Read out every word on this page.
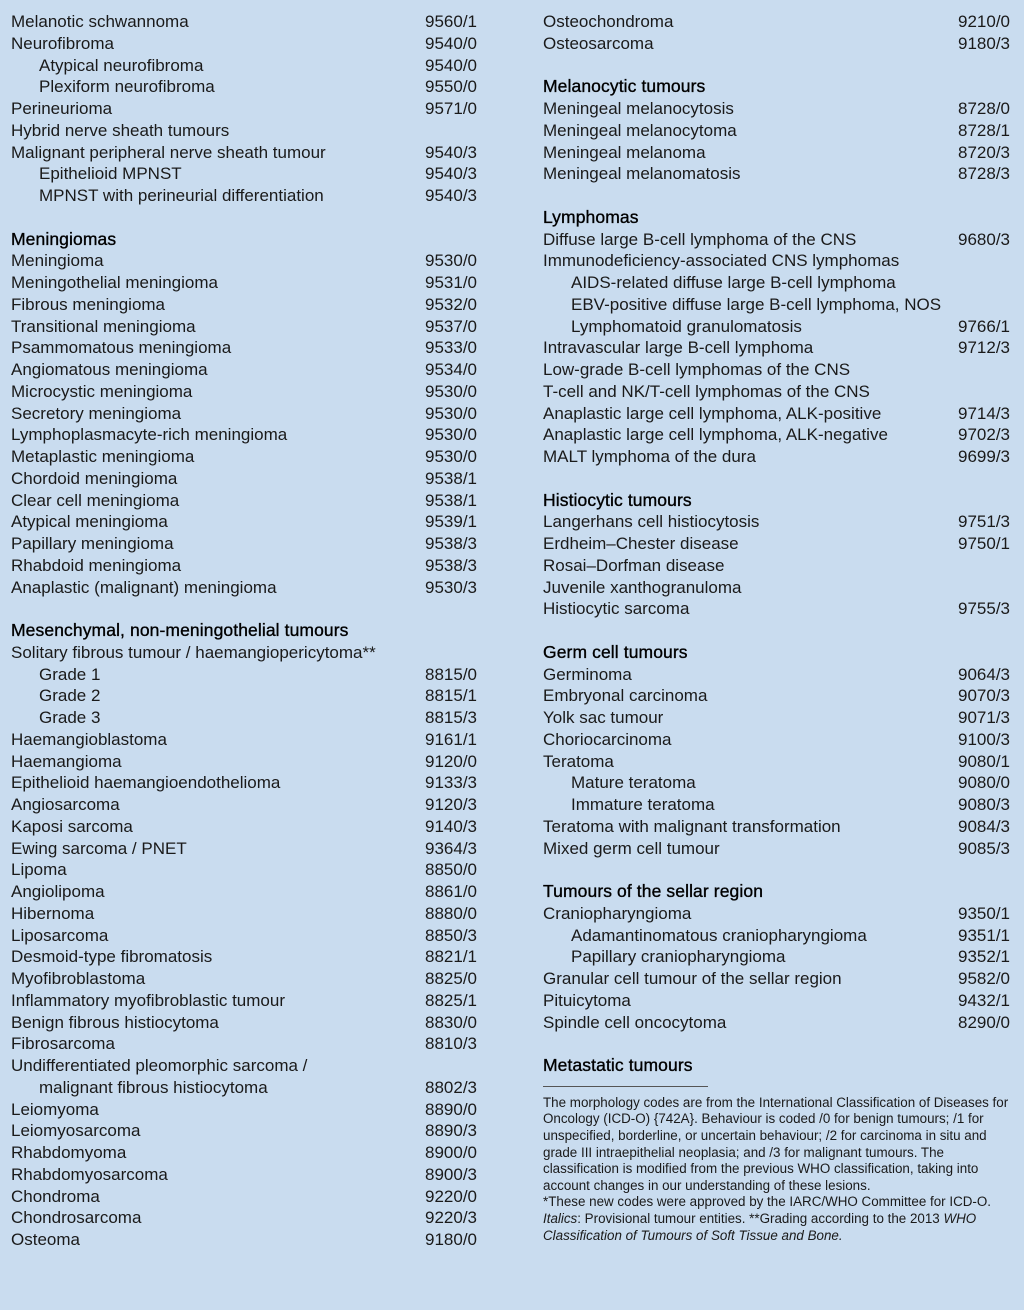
Melanotic schwannoma	9560/1
Neurofibroma	9540/0
Atypical neurofibroma	9540/0
Plexiform neurofibroma	9550/0
Perineurioma	9571/0
Hybrid nerve sheath tumours
Malignant peripheral nerve sheath tumour	9540/3
Epithelioid MPNST	9540/3
MPNST with perineurial differentiation	9540/3
Meningiomas
Meningioma	9530/0
Meningothelial meningioma	9531/0
Fibrous meningioma	9532/0
Transitional meningioma	9537/0
Psammomatous meningioma	9533/0
Angiomatous meningioma	9534/0
Microcystic meningioma	9530/0
Secretory meningioma	9530/0
Lymphoplasmacyte-rich meningioma	9530/0
Metaplastic meningioma	9530/0
Chordoid meningioma	9538/1
Clear cell meningioma	9538/1
Atypical meningioma	9539/1
Papillary meningioma	9538/3
Rhabdoid meningioma	9538/3
Anaplastic (malignant) meningioma	9530/3
Mesenchymal, non-meningothelial tumours
Solitary fibrous tumour / haemangiopericytoma**
Grade 1	8815/0
Grade 2	8815/1
Grade 3	8815/3
Haemangioblastoma	9161/1
Haemangioma	9120/0
Epithelioid haemangioendothelioma	9133/3
Angiosarcoma	9120/3
Kaposi sarcoma	9140/3
Ewing sarcoma / PNET	9364/3
Lipoma	8850/0
Angiolipoma	8861/0
Hibernoma	8880/0
Liposarcoma	8850/3
Desmoid-type fibromatosis	8821/1
Myofibroblastoma	8825/0
Inflammatory myofibroblastic tumour	8825/1
Benign fibrous histiocytoma	8830/0
Fibrosarcoma	8810/3
Undifferentiated pleomorphic sarcoma /
malignant fibrous histiocytoma	8802/3
Leiomyoma	8890/0
Leiomyosarcoma	8890/3
Rhabdomyoma	8900/0
Rhabdomyosarcoma	8900/3
Chondroma	9220/0
Chondrosarcoma	9220/3
Osteoma	9180/0
Osteochondroma	9210/0
Osteosarcoma	9180/3
Melanocytic tumours
Meningeal melanocytosis	8728/0
Meningeal melanocytoma	8728/1
Meningeal melanoma	8720/3
Meningeal melanomatosis	8728/3
Lymphomas
Diffuse large B-cell lymphoma of the CNS	9680/3
Immunodeficiency-associated CNS lymphomas
AIDS-related diffuse large B-cell lymphoma
EBV-positive diffuse large B-cell lymphoma, NOS
Lymphomatoid granulomatosis	9766/1
Intravascular large B-cell lymphoma	9712/3
Low-grade B-cell lymphomas of the CNS
T-cell and NK/T-cell lymphomas of the CNS
Anaplastic large cell lymphoma, ALK-positive	9714/3
Anaplastic large cell lymphoma, ALK-negative	9702/3
MALT lymphoma of the dura	9699/3
Histiocytic tumours
Langerhans cell histiocytosis	9751/3
Erdheim–Chester disease	9750/1
Rosai–Dorfman disease
Juvenile xanthogranuloma
Histiocytic sarcoma	9755/3
Germ cell tumours
Germinoma	9064/3
Embryonal carcinoma	9070/3
Yolk sac tumour	9071/3
Choriocarcinoma	9100/3
Teratoma	9080/1
Mature teratoma	9080/0
Immature teratoma	9080/3
Teratoma with malignant transformation	9084/3
Mixed germ cell tumour	9085/3
Tumours of the sellar region
Craniopharyngioma	9350/1
Adamantinomatous craniopharyngioma	9351/1
Papillary craniopharyngioma	9352/1
Granular cell tumour of the sellar region	9582/0
Pituicytoma	9432/1
Spindle cell oncocytoma	8290/0
Metastatic tumours

The morphology codes are from the International Classification of Diseases for Oncology (ICD-O) {742A}. Behaviour is coded /0 for benign tumours; /1 for unspecified, borderline, or uncertain behaviour; /2 for carcinoma in situ and grade III intraepithelial neoplasia; and /3 for malignant tumours. The classification is modified from the previous WHO classification, taking into account changes in our understanding of these lesions.

*These new codes were approved by the IARC/WHO Committee for ICD-O.

Italics: Provisional tumour entities. **Grading according to the 2013 WHO Classification of Tumours of Soft Tissue and Bone.
